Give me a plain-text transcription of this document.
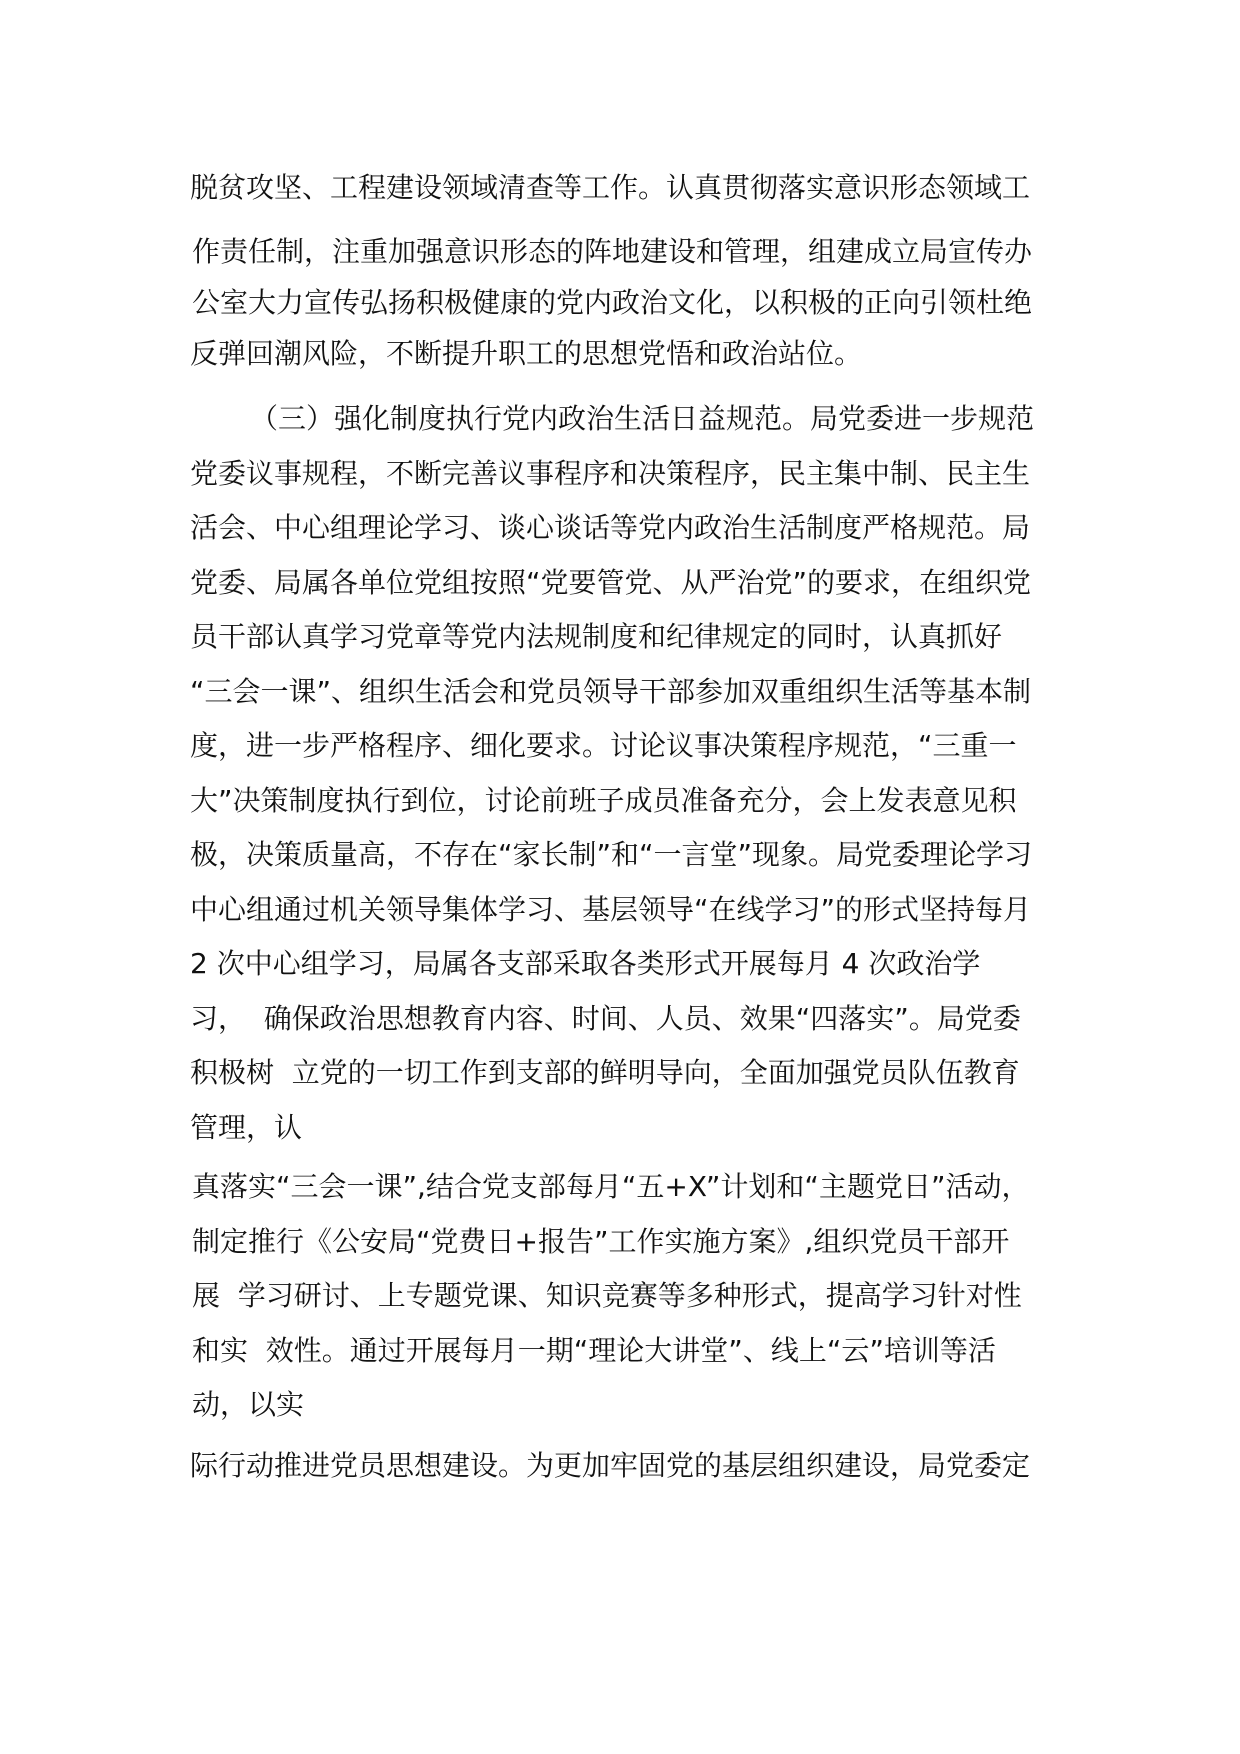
脱贫攻坚、工程建设领域清查等工作。认真贯彻落实意识形态领域工
作责任制，注重加强意识形态的阵地建设和管理，组建成立局宣传办
公室大力宣传弘扬积极健康的党内政治文化，以积极的正向引领杜绝
反弹回潮风险，不断提升职工的思想党悟和政治站位。
（三）强化制度执行党内政治生活日益规范。局党委进一步规范
党委议事规程，不断完善议事程序和决策程序，民主集中制、民主生
活会、中心组理论学习、谈心谈话等党内政治生活制度严格规范。局
党委、局属各单位党组按照“党要管党、从严治党”的要求，在组织党
员干部认真学习党章等党内法规制度和纪律规定的同时，认真抓好
“三会一课”、组织生活会和党员领导干部参加双重组织生活等基本制
度，进一步严格程序、细化要求。讨论议事决策程序规范，“三重一
大”决策制度执行到位，讨论前班子成员准备充分，会上发表意见积
极，决策质量高，不存在“家长制”和“一言堂”现象。局党委理论学习
中心组通过机关领导集体学习、基层领导“在线学习”的形式坚持每月
2 次中心组学习，局属各支部采取各类形式开展每月 4 次政治学
习，  确保政治思想教育内容、时间、人员、效果“四落实”。局党委
积极树  立党的一切工作到支部的鲜明导向，全面加强党员队伍教育
管理，认
真落实“三会一课”,结合党支部每月“五+X”计划和“主题党日”活动，
制定推行《公安局“党费日+报告”工作实施方案》,组织党员干部开
展  学习研讨、上专题党课、知识竞赛等多种形式，提高学习针对性
和实  效性。通过开展每月一期“理论大讲堂”、线上“云”培训等活
动，以实
际行动推进党员思想建设。为更加牢固党的基层组织建设，局党委定
